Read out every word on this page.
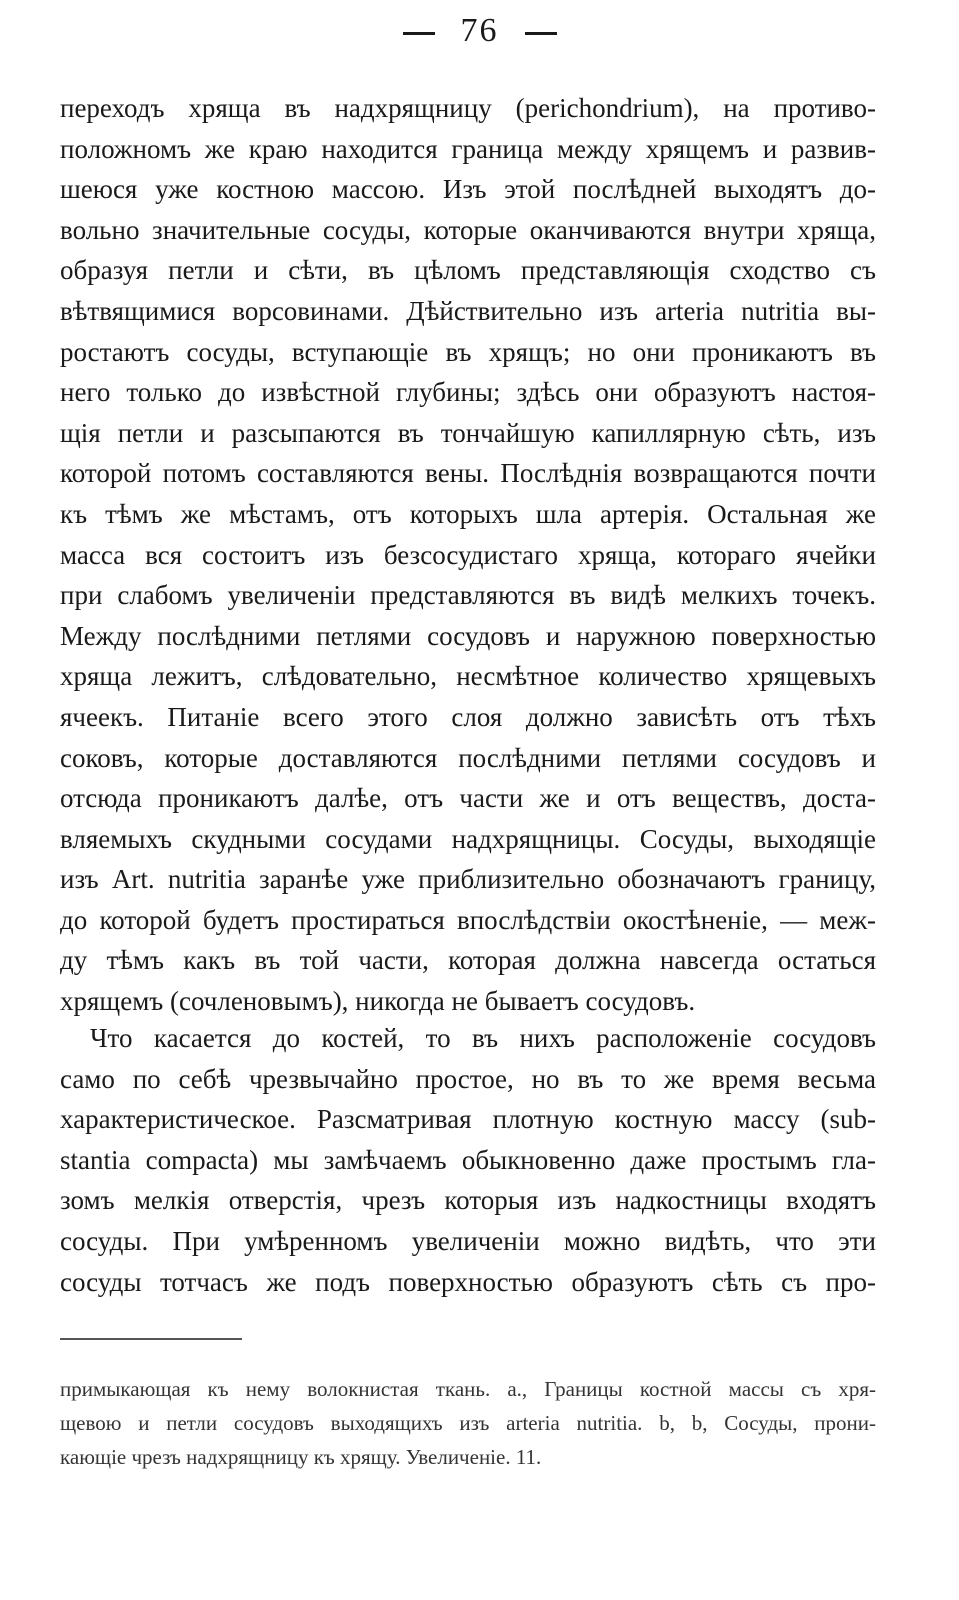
76
переходъ хряща въ надхрящницу (perichondrium), на противо-
положномъ же краю находится граница между хрящемъ и развив-
шеюся уже костною массою. Изъ этой послѣдней выходятъ до-
вольно значительные сосуды, которые оканчиваются внутри хряща,
образуя петли и сѣти, въ цѣломъ представляющія сходство съ
вѣтвящимися ворсовинами. Дѣйствительно изъ arteria nutritia вы-
ростаютъ сосуды, вступающіе въ хрящъ; но они проникаютъ въ
него только до извѣстной глубины; здѣсь они образуютъ настоя-
щія петли и разсыпаются въ тончайшую капиллярную сѣть, изъ
которой потомъ составляются вены. Послѣднія возвращаются почти
къ тѣмъ же мѣстамъ, отъ которыхъ шла артерія. Остальная же
масса вся состоитъ изъ безсосудистаго хряща, котораго ячейки
при слабомъ увеличеніи представляются въ видѣ мелкихъ точекъ.
Между послѣдними петлями сосудовъ и наружною поверхностью
хряща лежитъ, слѣдовательно, несмѣтное количество хрящевыхъ
ячеекъ. Питаніе всего этого слоя должно зависѣть отъ тѣхъ
соковъ, которые доставляются послѣдними петлями сосудовъ и
отсюда проникаютъ далѣе, отъ части же и отъ веществъ, доста-
вляемыхъ скудными сосудами надхрящницы. Сосуды, выходящіе
изъ Art. nutritia заранѣе уже приблизительно обозначаютъ границу,
до которой будетъ простираться впослѣдствіи окостѣненіе, — меж-
ду тѣмъ какъ въ той части, которая должна навсегда остаться
хрящемъ (сочленовымъ), никогда не бываетъ сосудовъ.
Что касается до костей, то въ нихъ расположеніе сосудовъ
само по себѣ чрезвычайно простое, но въ то же время весьма
характеристическое. Разсматривая плотную костную массу (sub-
stantia compacta) мы замѣчаемъ обыкновенно даже простымъ гла-
зомъ мелкія отверстія, чрезъ которыя изъ надкостницы входятъ
сосуды. При умѣренномъ увеличеніи можно видѣть, что эти
сосуды тотчасъ же подъ поверхностью образуютъ сѣть съ про-
примыкающая къ нему волокнистая ткань. a., Границы костной массы съ хря-
щевою и петли сосудовъ выходящихъ изъ arteria nutritia. b, b, Сосуды, прони-
кающіе чрезъ надхрящницу къ хрящу. Увеличеніе. 11.
